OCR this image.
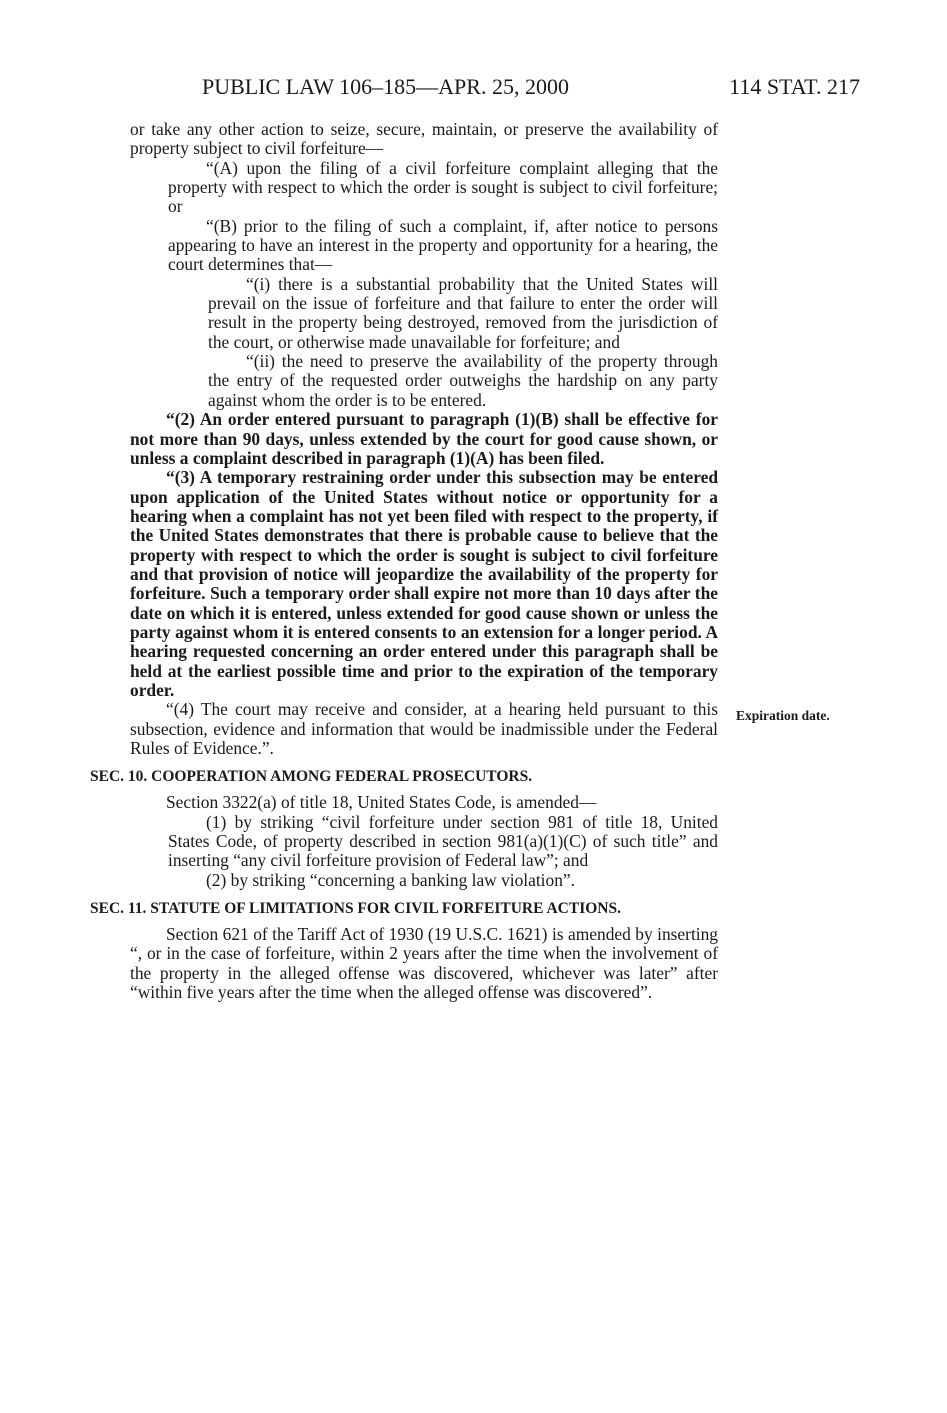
PUBLIC LAW 106–185—APR. 25, 2000	114 STAT. 217

or take any other action to seize, secure, maintain, or preserve the availability of property subject to civil forfeiture—

“(A) upon the filing of a civil forfeiture complaint alleging that the property with respect to which the order is sought is subject to civil forfeiture; or

“(B) prior to the filing of such a complaint, if, after notice to persons appearing to have an interest in the property and opportunity for a hearing, the court determines that—

“(i) there is a substantial probability that the United States will prevail on the issue of forfeiture and that failure to enter the order will result in the property being destroyed, removed from the jurisdiction of the court, or otherwise made unavailable for forfeiture; and

“(ii) the need to preserve the availability of the property through the entry of the requested order outweighs the hardship on any party against whom the order is to be entered.

“(2) An order entered pursuant to paragraph (1)(B) shall be effective for not more than 90 days, unless extended by the court for good cause shown, or unless a complaint described in paragraph (1)(A) has been filed.

“(3) A temporary restraining order under this subsection may be entered upon application of the United States without notice or opportunity for a hearing when a complaint has not yet been filed with respect to the property, if the United States demonstrates that there is probable cause to believe that the property with respect to which the order is sought is subject to civil forfeiture and that provision of notice will jeopardize the availability of the property for forfeiture. Such a temporary order shall expire not more than 10 days after the date on which it is entered, unless extended for good cause shown or unless the party against whom it is entered consents to an extension for a longer period. A hearing requested concerning an order entered under this paragraph shall be held at the earliest possible time and prior to the expiration of the temporary order.

“(4) The court may receive and consider, at a hearing held pursuant to this subsection, evidence and information that would be inadmissible under the Federal Rules of Evidence.”.

SEC. 10. COOPERATION AMONG FEDERAL PROSECUTORS.

Section 3322(a) of title 18, United States Code, is amended—

(1) by striking “civil forfeiture under section 981 of title 18, United States Code, of property described in section 981(a)(1)(C) of such title” and inserting “any civil forfeiture provision of Federal law”; and

(2) by striking “concerning a banking law violation”.

SEC. 11. STATUTE OF LIMITATIONS FOR CIVIL FORFEITURE ACTIONS.

Section 621 of the Tariff Act of 1930 (19 U.S.C. 1621) is amended by inserting “, or in the case of forfeiture, within 2 years after the time when the involvement of the property in the alleged offense was discovered, whichever was later” after “within five years after the time when the alleged offense was discovered”.

Expiration date.
